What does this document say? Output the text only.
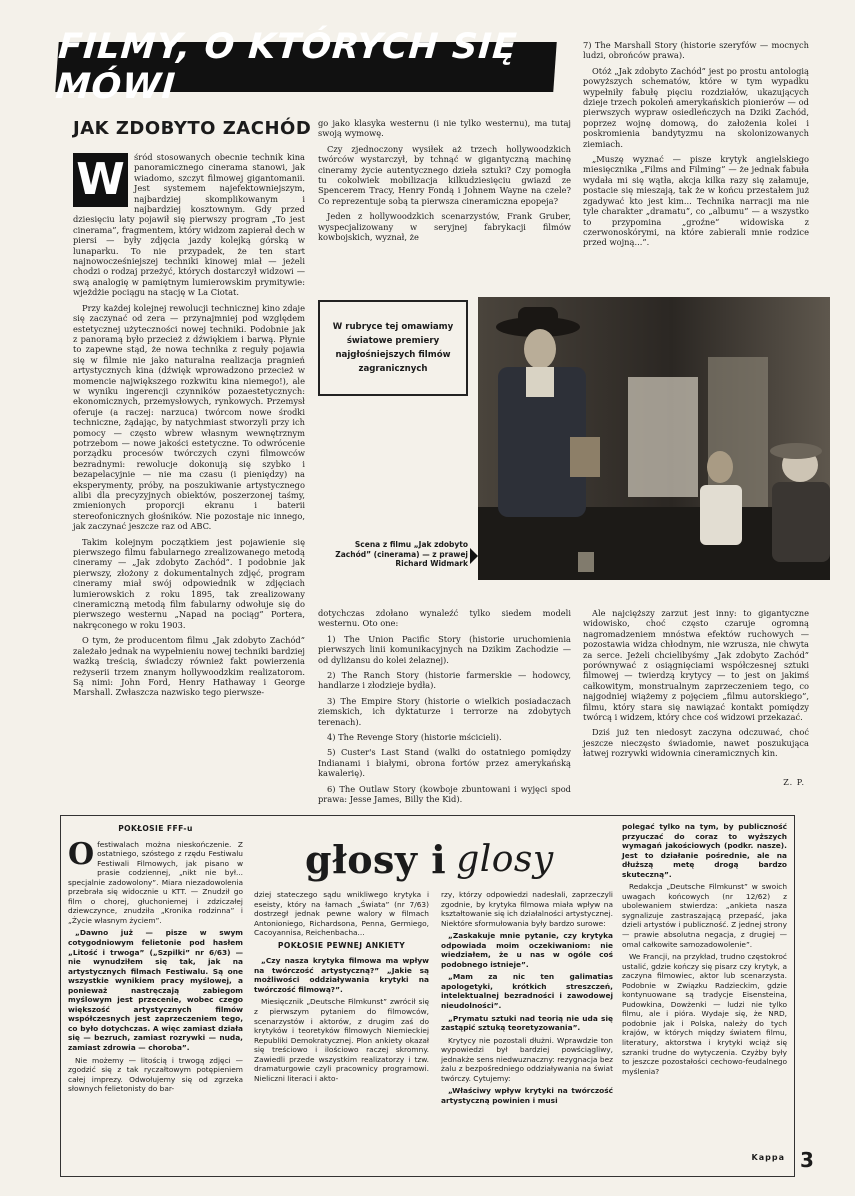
FILMY, O KTÓRYCH SIĘ MÓWI
JAK ZDOBYTO ZACHÓD
W	śród stosowanych obecnie technik kina panoramicznego cinerama stanowi, jak wiadomo, szczyt filmowej gigantomanii. Jest systemem najefektowniejszym, najbardziej skomplikowanym i najbardziej kosztownym. Gdy przed dziesięciu laty pojawił się pierwszy program „To jest cinerama”, fragmentem, który widzom zapierał dech w piersi — były zdjęcia jazdy kolejką górską w lunaparku. To nie przypadek, że ten start najnowocześniejszej techniki kinowej miał — jeżeli chodzi o rodzaj przeżyć, których dostarczył widzowi — swą analogię w pamiętnym lumierowskim prymitywie: wjeżdżie pociągu na stację w La Ciotat.

Przy każdej kolejnej rewolucji technicznej kino zdaje się zaczynać od zera — przynajmniej pod względem estetycznej użyteczności nowej techniki. Podobnie jak z panoramą było przecież z dźwiękiem i barwą. Płynie to zapewne stąd, że nowa technika z reguły pojawia się w filmie nie jako naturalna realizacja pragnień artystycznych kina (dźwięk wprowadzono przecież w momencie największego rozkwitu kina niemego!), ale w wyniku ingerencji czynników pozaestetycznych: ekonomicznych, przemysłowych, rynkowych. Przemysł oferuje (a raczej: narzuca) twórcom nowe środki techniczne, żądając, by natychmiast stworzyli przy ich pomocy — często wbrew własnym wewnętrznym potrzebom — nowe jakości estetyczne. To odwrócenie porządku procesów twórczych czyni filmowców bezradnymi: rewolucje dokonują się szybko i bezapelacyjnie — nie ma czasu (i pieniędzy) na eksperymenty, próby, na poszukiwanie artystycznego alibi dla precyzyjnych obiektów, poszerzonej taśmy, zmienionych proporcji ekranu i baterii stereofonicznych głośników. Nie pozostaje nic innego, jak zaczynać jeszcze raz od ABC.

Takim kolejnym początkiem jest pojawienie się pierwszego filmu fabularnego zrealizowanego metodą cineramy — „Jak zdobyto Zachód”. I podobnie jak pierwszy, złożony z dokumentalnych zdjęć, program cineramy miał swój odpowiednik w zdjęciach lumierowskich z roku 1895, tak zrealizowany cineramiczną metodą film fabularny odwołuje się do pierwszego westernu „Napad na pociąg” Portera, nakręconego w roku 1903.

O tym, że producentom filmu „Jak zdobyto Zachód” zależało jednak na wypełnieniu nowej techniki bardziej ważką treścią, świadczy również fakt powierzenia reżyserii trzem znanym hollywoodzkim realizatorom. Są nimi: John Ford, Henry Hathaway i George Marshall. Zwłaszcza nazwisko tego pierwsze-

go jako klasyka westernu (i nie tylko westernu), ma tutaj swoją wymowę.

Czy zjednoczony wysiłek aż trzech hollywoodzkich twórców wystarczył, by tchnąć w gigantyczną machinę cineramy życie autentycznego dzieła sztuki? Czy pomogła tu cokolwiek mobilizacja kilkudziesięciu gwiazd ze Spencerem Tracy, Henry Fondą i Johnem Wayne na czele? Co reprezentuje sobą ta pierwsza cineramiczna epopeja?

Jeden z hollywoodzkich scenarzystów, Frank Gruber, wyspecjalizowany w seryjnej fabrykacji filmów kowbojskich, wyznał, że

7) The Marshall Story (historie szeryfów — mocnych ludzi, obrońców prawa).

Otóż „Jak zdobyto Zachód” jest po prostu antologią powyższych schematów, które w tym wypadku wypełniły fabułę pięciu rozdziałów, ukazujących dzieje trzech pokoleń amerykańskich pionierów — od pierwszych wypraw osiedleńczych na Dziki Zachód, poprzez wojnę domową, do założenia kolei i poskromienia bandytyzmu na skolonizowanych ziemiach.

„Muszę wyznać — pisze krytyk angielskiego miesięcznika „Films and Filming” — że jednak fabuła wydała mi się wątła, akcja kilka razy się załamuje, postacie się mieszają, tak że w końcu przestałem już zgadywać kto jest kim... Technika narracji ma nie tyle charakter „dramatu”, co „albumu” — a wszystko to przypomina „groźne” widowiska z czerwonoskórymi, na które zabierali mnie rodzice przed wojną...”.

W rubryce tej omawiamy światowe premiery najgłośniejszych filmów zagranicznych
Scena z filmu „Jak zdobyto Zachód” (cinerama) — z prawej Richard Widmark

dotychczas zdołano wynaleźć tylko siedem modeli westernu. Oto one:

1) The Union Pacific Story (historie uruchomienia pierwszych linii komunikacyjnych na Dzikim Zachodzie — od dyliżansu do kolei żelaznej).

2) The Ranch Story (historie farmerskie — hodowcy, handlarze i złodzieje bydła).

3) The Empire Story (historie o wielkich posiadaczach ziemskich, ich dyktaturze i terrorze na zdobytych terenach).

4) The Revenge Story (historie mścicieli).

5) Custer's Last Stand (walki do ostatniego pomiędzy Indianami i białymi, obrona fortów przez amerykańską kawalerię).

6) The Outlaw Story (kowboje zbuntowani i wyjęci spod prawa: Jesse James, Billy the Kid).

Ale najcięższy zarzut jest inny: to gigantyczne widowisko, choć często czaruje ogromną nagromadzeniem mnóstwa efektów ruchowych — pozostawia widza chłodnym, nie wzrusza, nie chwyta za serce. Jeżeli chcielibyśmy „Jak zdobyto Zachód” porównywać z osiągnięciami współczesnej sztuki filmowej — twierdzą krytycy — to jest on jakimś całkowitym, monstrualnym zaprzeczeniem tego, co najgodniej wiążemy z pojęciem „filmu autorskiego”, filmu, który stara się nawiązać kontakt pomiędzy twórcą i widzem, który chce coś widzowi przekazać.

Dziś już ten niedosyt zaczyna odczuwać, choć jeszcze nieczęsto świadomie, nawet poszukująca łatwej rozrywki widownia cineramicznych kin.

Z. P.
głosy i glosy

POKŁOSIE FFF-u

O festiwalach można nieskończenie. Z ostatniego, szóstego z rzędu Festiwalu Festiwali Filmowych, jak pisano w prasie codziennej, „nikt nie był... specjalnie zadowolony”. Miara niezadowolenia przebrała się widocznie u KTT. — Znudził go film o chorej, głuchoniemej i zdziczałej dziewczynce, znudziła „Kronika rodzinna” i „Życie własnym życiem”.

„Dawno już — pisze w swym cotygodniowym felietonie pod hasłem „Litość i trwoga” („Szpilki” nr 6/63) — nie wynudziłem się tak, jak na artystycznych filmach Festiwalu. Są one wszystkie wynikiem pracy myślowej, a ponieważ nastręczają zabiegom myślowym jest przecenie, wobec czego większość artystycznych filmów współczesnych jest zaprzeczeniem tego, co było dotychczas. A więc zamiast działa się — bezruch, zamiast rozrywki — nuda, zamiast zdrowia — choroba”.

Nie możemy — litością i trwogą zdjęci — zgodzić się z tak ryczałtowym potępieniem całej imprezy. Odwołujemy się od zgrzeka słownych felietonisty do bar-

dziej stateczego sądu wnikliwego krytyka i eseisty, który na łamach „Świata” (nr 7/63) dostrzegł jednak pewne walory w filmach Antonioniego, Richardsona, Penna, Germiego, Cacoyannisa, Reichenbacha...

POKŁOSIE PEWNEJ ANKIETY

„Czy nasza krytyka filmowa ma wpływ na twórczość artystyczną?” „Jakie są możliwości oddziaływania krytyki na twórczość filmową?”.

Miesięcznik „Deutsche Filmkunst” zwrócił się z pierwszym pytaniem do filmowców, scenarzystów i aktorów, z drugim zaś do krytyków i teoretyków filmowych Niemieckiej Republiki Demokratycznej. Plon ankiety okazał się treściowo i ilościowo raczej skromny. Zawiedli przede wszystkim realizatorzy i tzw. dramaturgowie czyli pracownicy programowi. Nieliczni literaci i akto-

rzy, którzy odpowiedzi nadesłali, zaprzeczyli zgodnie, by krytyka filmowa miała wpływ na kształtowanie się ich działalności artystycznej. Niektóre sformułowania były bardzo surowe:

„Zaskakuje mnie pytanie, czy krytyka odpowiada moim oczekiwaniom: nie wiedziałem, że u nas w ogóle coś podobnego istnieje”.

„Mam za nic ten galimatias apologetyki, krótkich streszczeń, intelektualnej bezradności i zawodowej nieudolności”.

„Prymatu sztuki nad teorią nie uda się zastąpić sztuką teoretyzowania”.

Krytycy nie pozostali dłużni. Wprawdzie ton wypowiedzi był bardziej powściągliwy, jednakże sens niedwuznaczny: rezygnacja bez żalu z bezpośredniego oddziaływania na świat twórczy. Cytujemy:

„Właściwy wpływ krytyki na twórczość artystyczną powinien i musi

polegać tylko na tym, by publiczność przyuczać do coraz to wyższych wymagań jakościowych (podkr. nasze). Jest to działanie pośrednie, ale na dłuższą metę drogą bardzo skuteczną”.

Redakcja „Deutsche Filmkunst” w swoich uwagach końcowych (nr 12/62) z ubolewaniem stwierdza: „ankieta nasza sygnalizuje zastraszającą przepaść, jaka dzieli artystów i publiczność. Z jednej strony — prawie absolutna negacja, z drugiej — omal całkowite samozadowolenie”.

We Francji, na przykład, trudno częstokroć ustalić, gdzie kończy się pisarz czy krytyk, a zaczyna filmowiec, aktor lub scenarzysta. Podobnie w Związku Radzieckim, gdzie kontynuowane są tradycje Eisensteina, Pudowkina, Dowżenki — ludzi nie tylko filmu, ale i pióra. Wydaje się, że NRD, podobnie jak i Polska, należy do tych krajów, w których między światem filmu, literatury, aktorstwa i krytyki wciąż się szranki trudne do wytyczenia. Czyżby były to jeszcze pozostałości cechowo-feudalnego myślenia?

Kappa 3
